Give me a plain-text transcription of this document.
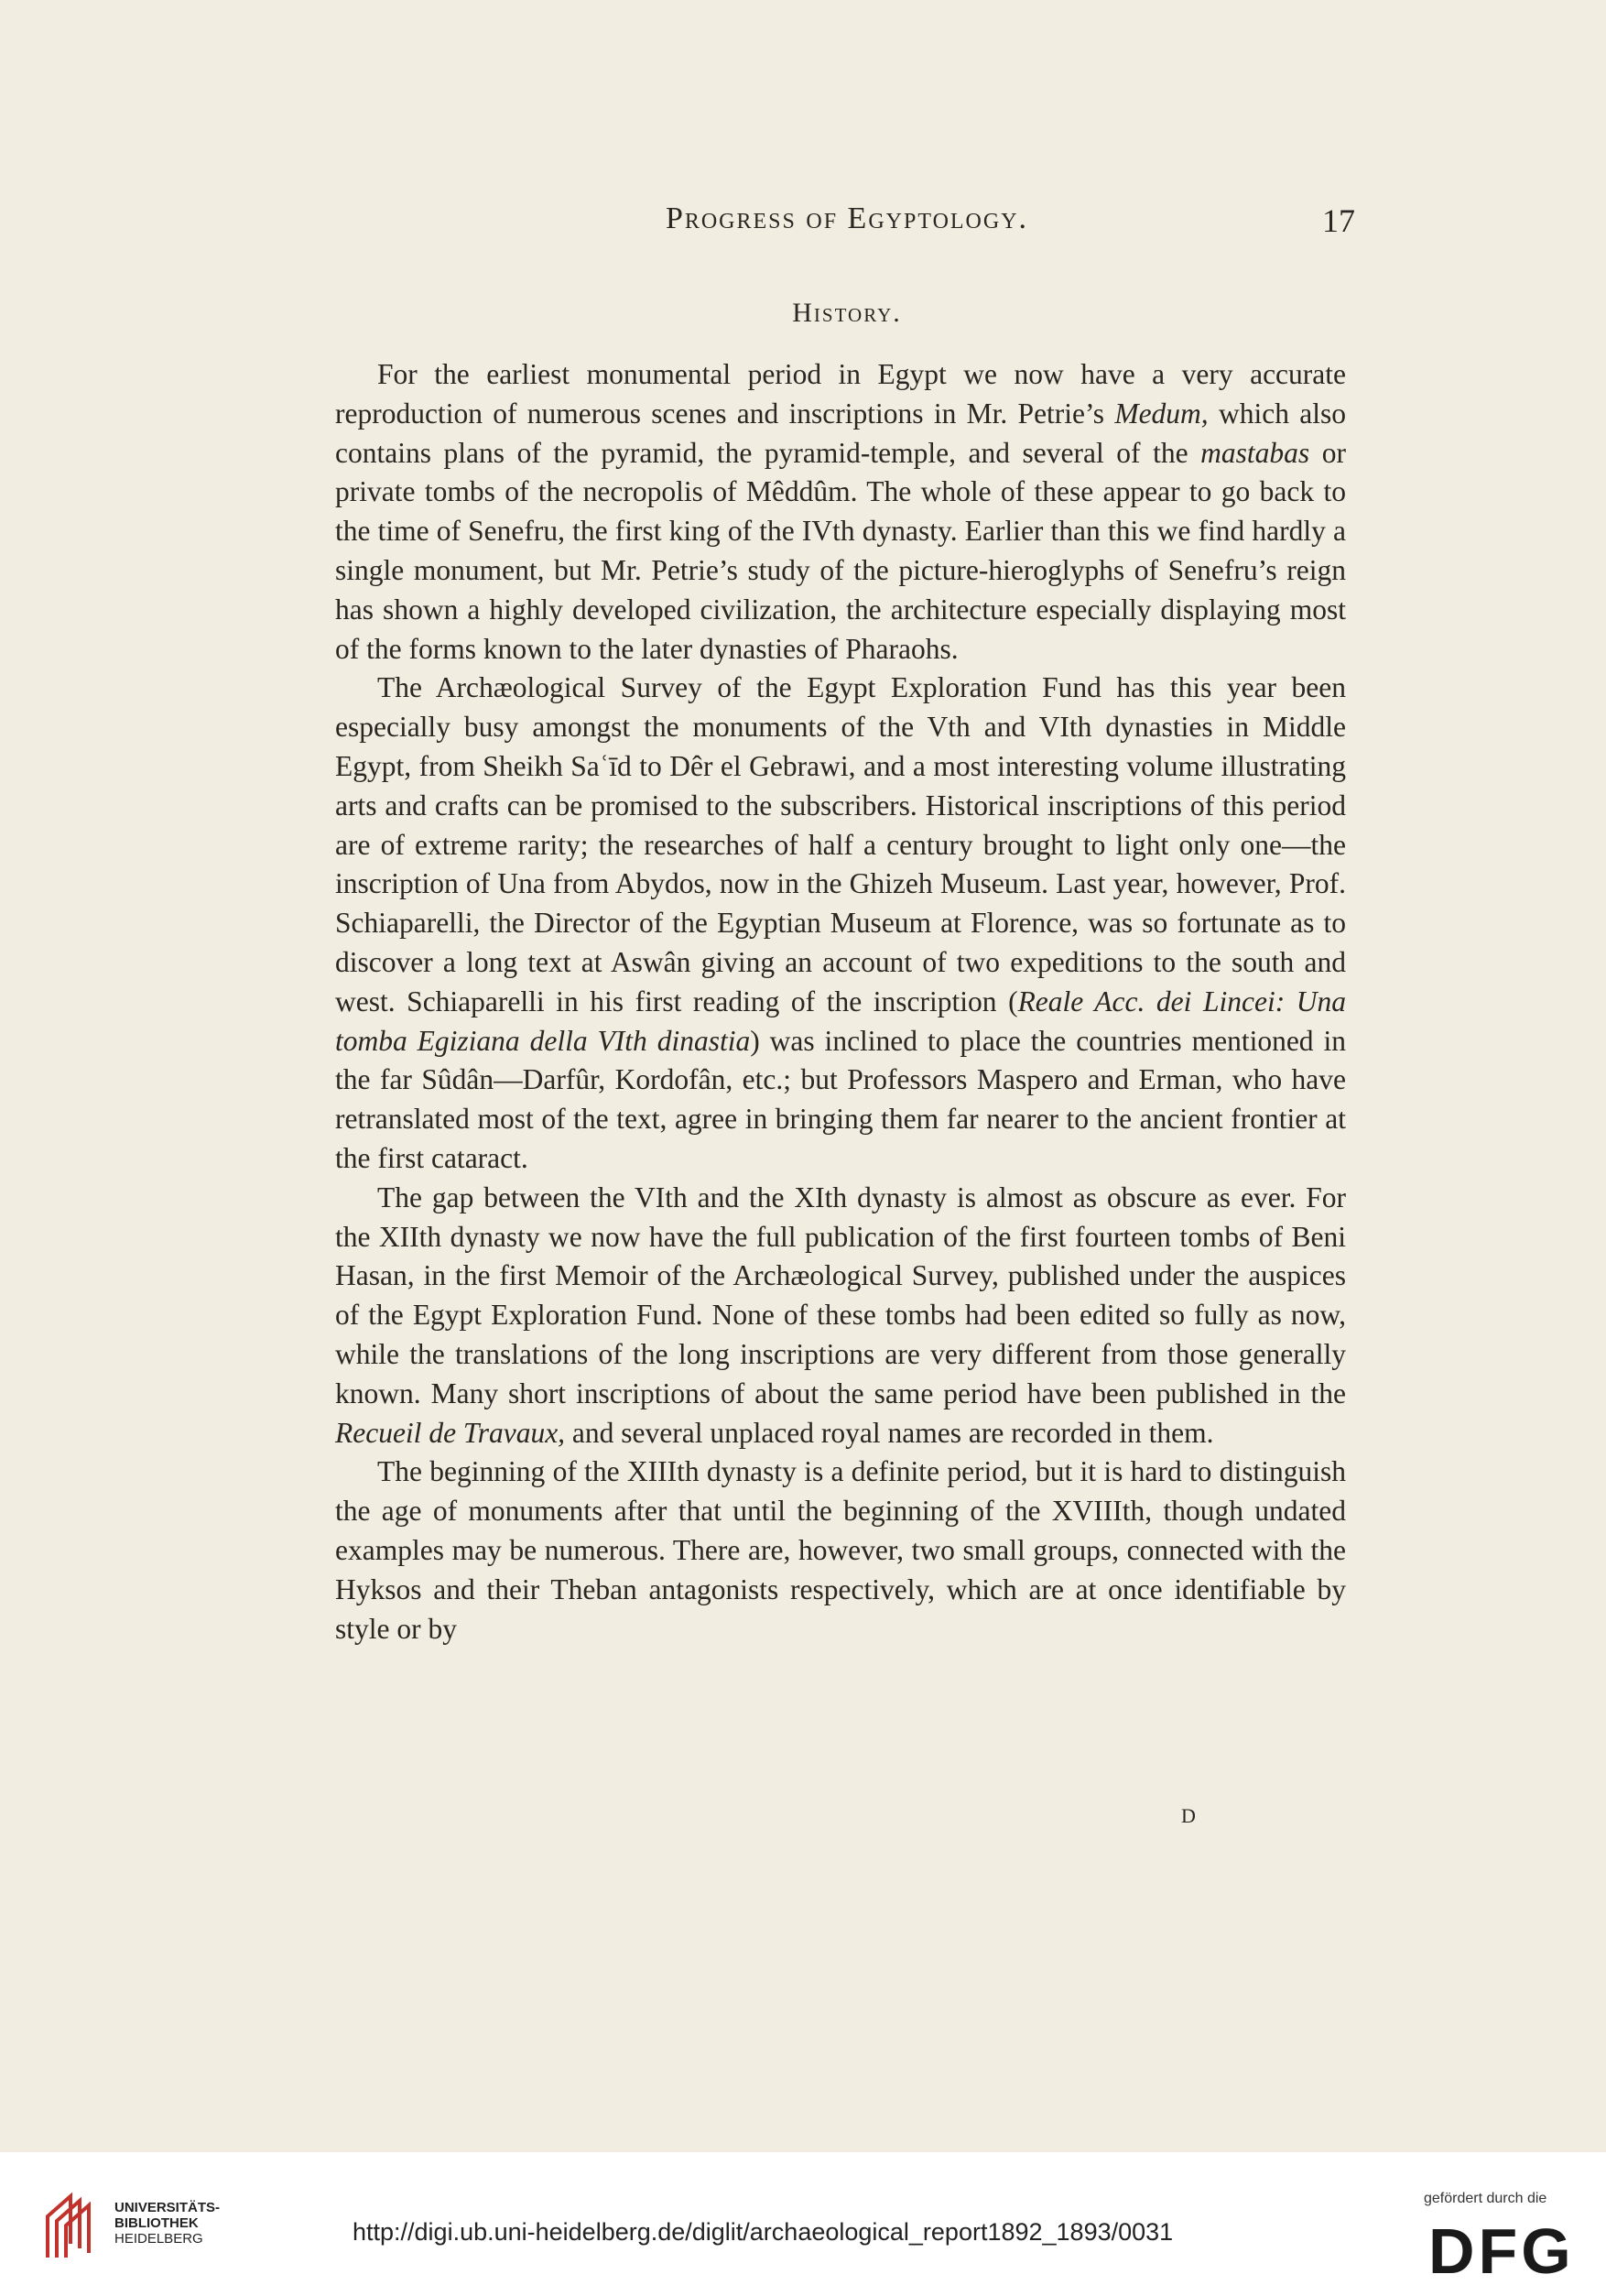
Progress of Egyptology.	17
History.

For the earliest monumental period in Egypt we now have a very accurate reproduction of numerous scenes and inscriptions in Mr. Petrie’s Medum, which also contains plans of the pyramid, the pyramid-temple, and several of the mastabas or private tombs of the necropolis of Mêddûm. The whole of these appear to go back to the time of Senefru, the first king of the IVth dynasty. Earlier than this we find hardly a single monument, but Mr. Petrie’s study of the picture-hieroglyphs of Senefru’s reign has shown a highly developed civilization, the architecture especially displaying most of the forms known to the later dynasties of Pharaohs.

The Archæological Survey of the Egypt Exploration Fund has this year been especially busy amongst the monuments of the Vth and VIth dynasties in Middle Egypt, from Sheikh Saʿīd to Dêr el Gebrawi, and a most interesting volume illustrating arts and crafts can be promised to the subscribers. Historical inscriptions of this period are of extreme rarity; the researches of half a century brought to light only one—the inscription of Una from Abydos, now in the Ghizeh Museum. Last year, however, Prof. Schiaparelli, the Director of the Egyptian Museum at Florence, was so fortunate as to discover a long text at Aswân giving an account of two expeditions to the south and west. Schiaparelli in his first reading of the inscription (Reale Acc. dei Lincei: Una tomba Egiziana della VIth dinastia) was inclined to place the countries mentioned in the far Sûdân—Darfûr, Kordofân, etc.; but Professors Maspero and Erman, who have retranslated most of the text, agree in bringing them far nearer to the ancient frontier at the first cataract.

The gap between the VIth and the XIth dynasty is almost as obscure as ever. For the XIIth dynasty we now have the full publication of the first fourteen tombs of Beni Hasan, in the first Memoir of the Archæological Survey, published under the auspices of the Egypt Exploration Fund. None of these tombs had been edited so fully as now, while the translations of the long inscriptions are very different from those generally known. Many short inscriptions of about the same period have been published in the Recueil de Travaux, and several unplaced royal names are recorded in them.

The beginning of the XIIIth dynasty is a definite period, but it is hard to distinguish the age of monuments after that until the beginning of the XVIIIth, though undated examples may be numerous. There are, however, two small groups, connected with the Hyksos and their Theban antagonists respectively, which are at once identifiable by style or by

D
UNIVERSITÄTS-
BIBLIOTHEK
HEIDELBERG	http://digi.ub.uni-heidelberg.de/diglit/archaeological_report1892_1893/0031
gefördert durch die
DFG
